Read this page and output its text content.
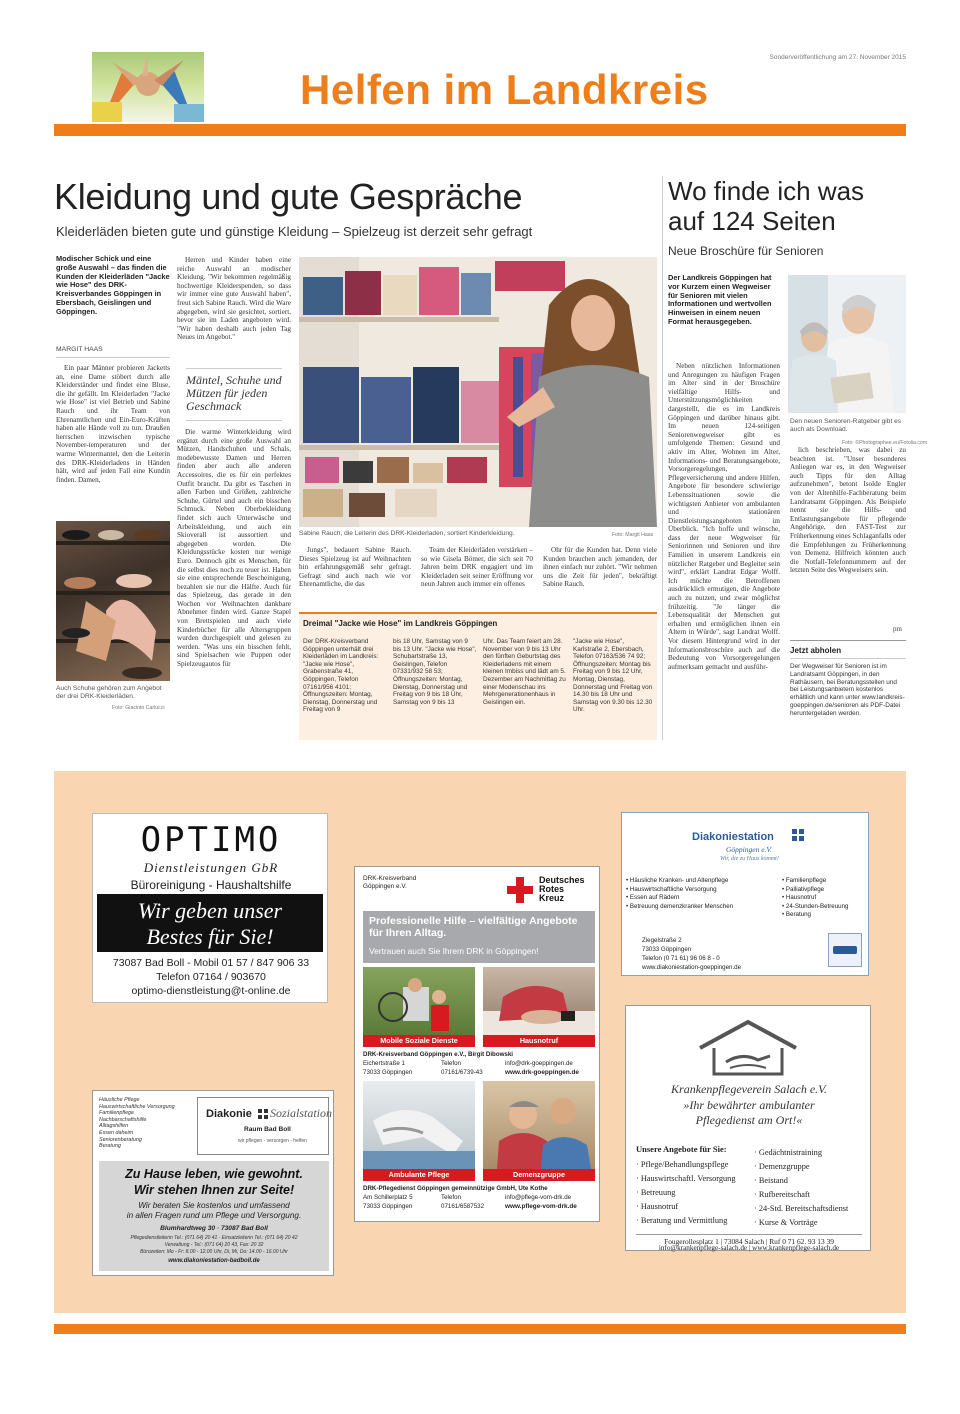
Sonderveröffentlichung am 27. November 2015
Helfen im Landkreis
Kleidung und gute Gespräche
Kleiderläden bieten gute und günstige Kleidung – Spielzeug ist derzeit sehr gefragt
Modischer Schick und eine große Auswahl – das finden die Kunden der Kleiderläden "Jacke wie Hose" des DRK-Kreisverbandes Göppingen in Ebersbach, Geislingen und Göppingen.
MARGIT HAAS

Ein paar Männer probieren Jacketts an, eine Dame stöbert durch alle Kleiderständer und findet eine Bluse, die ihr gefällt. Im Kleiderladen "Jacke wie Hose" ist viel Betrieb und Sabine Rauch und ihr Team von Ehrenamtlichen und Ein-Euro-Kräften haben alle Hände voll zu tun. Draußen herrschen inzwischen typische November-temperaturen und der warme Wintermantel, den die Leiterin des DRK-Kleiderladens in Händen hält, wird auf jeden Fall eine Kundin finden. Damen,

Auch Schuhe gehören zum Angebot der drei DRK-Kleiderläden.
Foto: Giacinto Carlucci

Herren und Kinder haben eine reiche Auswahl an modischer Kleidung. "Wir bekommen regelmäßig hochwertige Kleiderspenden, so dass wir immer eine gute Auswahl haben", freut sich Sabine Rauch. Wird die Ware abgegeben, wird sie gesichtet, sortiert, bevor sie im Laden angeboten wird. "Wir haben deshalb auch jeden Tag Neues im Angebot."

Mäntel, Schuhe und Mützen für jeden Geschmack

Die warme Winterkleidung wird ergänzt durch eine große Auswahl an Mützen, Handschuhen und Schals, modebewusste Damen und Herren finden aber auch alle anderen Accessoires, die es für ein perfektes Outfit braucht. Da gibt es Taschen in allen Farben und Größen, zahlreiche Schuhe, Gürtel und auch ein bisschen Schmuck. Neben Oberbekleidung findet sich auch Unterwäsche und Arbeitskleidung, und auch ein Skioverall ist aussortiert und abgegeben worden. Die Kleidungsstücke kosten nur wenige Euro. Dennoch gibt es Menschen, für die selbst dies noch zu teuer ist. Haben sie eine entsprechende Bescheinigung, bezahlen sie nur die Hälfte. Auch für das Spielzeug, das gerade in den Wochen vor Weihnachten dankbare Abnehmer finden wird. Ganze Stapel von Brettspielen und auch viele Kinderbücher für alle Altersgruppen wurden durchgespielt und gelesen zu werden. "Was uns ein bisschen fehlt, sind Spielsachen wie Puppen oder Spielzeugautos für

Sabine Rauch, die Leiterin des DRK-Kleiderladen, sortiert Kinderkleidung.	Foto: Margit Haas

Jungs", bedauert Sabine Rauch. Dieses Spielzeug ist auf Weihnachten hin erfahrungsgemäß sehr gefragt. Gefragt sind auch nach wie vor Ehrenamtliche, die das

Team der Kleiderläden verstärken – so wie Gisela Bömer, die sich seit 70 Jahren beim DRK engagiert und im Kleiderladen seit seiner Eröffnung vor neun Jahren auch immer ein offenes

Ohr für die Kunden hat. Denn viele Kunden brauchen auch jemanden, der ihnen einfach nur zuhört. "Wir nehmen uns die Zeit für jeden", bekräftigt Sabine Rauch.

Dreimal "Jacke wie Hose" im Landkreis Göppingen
Der DRK-Kreisverband Göppingen unterhält drei Kleiderläden im Landkreis: "Jacke wie Hose", Grabenstraße 41, Göppingen, Telefon 07161/956 4101; Öffnungszeiten: Montag, Dienstag, Donnerstag und Freitag von 9
bis 18 Uhr, Samstag von 9 bis 13 Uhr. "Jacke wie Hose", Schubartstraße 13, Geislingen, Telefon 07331/932 58 53; Öffnungszeiten: Montag, Dienstag, Donnerstag und Freitag von 9 bis 18 Uhr, Samstag von 9 bis 13
Uhr. Das Team feiert am 28. November von 9 bis 13 Uhr den fünften Geburtstag des Kleiderladens mit einem kleinen Imbiss und lädt am 5. Dezember am Nachmittag zu einer Modenschau ins Mehrgenerationenhaus in Geislingen ein.
"Jacke wie Hose", Karlstraße 2, Ebersbach, Telefon 07163/536 74 92; Öffnungszeiten: Montag bis Freitag von 9 bis 12 Uhr, Montag, Dienstag, Donnerstag und Freitag von 14.30 bis 18 Uhr und Samstag von 9.30 bis 12.30 Uhr.
Wo finde ich was auf 124 Seiten
Neue Broschüre für Senioren
Der Landkreis Göppingen hat vor Kurzem einen Wegweiser für Senioren mit vielen Informationen und wertvollen Hinweisen in einem neuen Format herausgegeben.

Neben nützlichen Informationen und Anregungen zu häufigen Fragen im Alter sind in der Broschüre vielfältige Hilfs- und Unterstützungsmöglichkeiten dargestellt, die es im Landkreis Göppingen und darüber hinaus gibt. Im neuen 124-seitigen Seniorenwegweiser gibt es umfolgende Themen: Gesund und aktiv im Alter, Wohnen im Alter, Informations- und Beratungsangebote, Vorsorgeregelungen, Pflegeversicherung und andere Hilfen, Angebote für besondere schwierige Lebenssituationen sowie die wichtigsten Anbieter von ambulanten und stationären Dienstleistungsangeboten im Überblick. "Ich hoffe und wünsche, dass der neue Wegweiser für Seniorinnen und Senioren und ihre Familien in unserem Landkreis ein nützlicher Ratgeber und Begleiter sein wird", erklärt Landrat Edgar Wolff. Ich möchte die Betroffenen ausdrücklich ermutigen, die Angebote auch zu nutzen, und zwar möglichst frühzeitig. "Je länger die Lebensqualität der Menschen gut erhalten und ermöglichen ihnen ein Altern in Würde", sagt Landrat Wolff. Vor diesem Hintergrund wird in der Informationsbroschüre auch auf die Bedeutung von Vorsorgeregelungen aufmerksam gemacht und ausführ-

Den neuen Senioren-Ratgeber gibt es auch als Download.
Foto: ©Photographee.eu/Fotolia.com

lich beschrieben, was dabei zu beachten ist. "Unser besonderes Anliegen war es, in den Wegweiser auch Tipps für den Alltag aufzunehmen", betont Isolde Engler von der Altenhilfe-Fachberatung beim Landratsamt Göppingen. Als Beispiele nennt sie die Hilfs- und Entlastungsangebote für pflegende Angehörige, den FAST-Test zur Früherkennung eines Schlaganfalls oder die Empfehlungen zu Früherkennung von Demenz. Hilfreich könnten auch die Notfall-Telefonnummern auf der letzten Seite des Wegweisers sein.

pm
Jetzt abholen
Der Wegweiser für Senioren ist im Landratsamt Göppingen, in den Rathäusern, bei Beratungsstellen und bei Leistungsanbietern kostenlos erhältlich und kann unter www.landkreis-goeppingen.de/senioren als PDF-Datei heruntergeladen werden.
OPTIMO
Dienstleistungen GbR
Büroreinigung - Haushaltshilfe
Wir geben unser
Bestes für Sie!
73087 Bad Boll - Mobil 01 57 / 847 906 33
Telefon 07164 / 903670
optimo-dienstleistung@t-online.de
DRK-Kreisverband Göppingen e.V.
Deutsches
Rotes
Kreuz
Professionelle Hilfe – vielfältige Angebote für Ihren Alltag.
Vertrauen auch Sie Ihrem DRK in Göppingen!
Mobile Soziale Dienste	Hausnotruf
DRK-Kreisverband Göppingen e.V., Birgit Dibowski
Eichertstraße 1
73033 Göppingen
Telefon
07161/6739-43
info@drk-goeppingen.de
www.drk-goeppingen.de
Ambulante Pflege	Demenzgruppe
DRK-Pflegedienst Göppingen gemeinnützige GmbH, Ute Kothe
Am Schillerplatz 5
73033 Göppingen
Telefon
07161/6587532
info@pflege-vom-drk.de
www.pflege-vom-drk.de
Diakoniestation
Göppingen e.V.
Wir, die zu Haus kommt!
• Häusliche Kranken- und Altenpflege
• Hauswirtschaftliche Versorgung
• Essen auf Rädern
• Betreuung demenzkranker Menschen
• Familienpflege
• Palliativpflege
• Hausnotruf
• 24-Stunden-Betreuung
• Beratung
Ziegelstraße 2
73033 Göppingen
Telefon (0 71 61) 96 06 8 - 0
www.diakoniestation-goeppingen.de
Häusliche Pflege
Hauswirtschaftliche Versorgung
Familienpflege
Nachbarschaftshilfe
Alltagshilfen
Essen daheim
Seniorenberatung
Beratung
Diakonie Sozialstation
Raum Bad Boll
wir pflegen - versorgen - helfen
Zu Hause leben, wie gewohnt.
Wir stehen Ihnen zur Seite!
Wir beraten Sie kostenlos und umfassend
in allen Fragen rund um Pflege und Versorgung.
Blumhardtweg 30 · 73087 Bad Boll
Pflegedienstleiterin Tel.: (071 64) 20 41 · Einsatzleiterin Tel.: (071 64) 20 42
Verwaltung - Tel.: (071 64) 20 43, Fax: 20 32
Bürozeiten: Mo - Fr: 8.00 - 12.00 Uhr, Di, Mi, Do: 14.00 - 16.00 Uhr
www.diakoniestation-badboll.de
Krankenpflegeverein Salach e.V.
»Ihr bewährter ambulanter
Pflegedienst am Ort!«
Unsere Angebote für Sie:
· Pflege/Behandlungspflege
· Hauswirtschaftl. Versorgung
· Betreuung
· Hausnotruf
· Beratung und Vermittlung
· Gedächtnistraining
· Demenzgruppe
· Beistand
· Rufbereitschaft
· 24-Std. Bereitschaftsdienst
· Kurse & Vorträge
Fougerollesplatz 1 | 73084 Salach | Ruf 0 71 62. 93 13 39
info@krankenpflege-salach.de | www.krankenpflege-salach.de
